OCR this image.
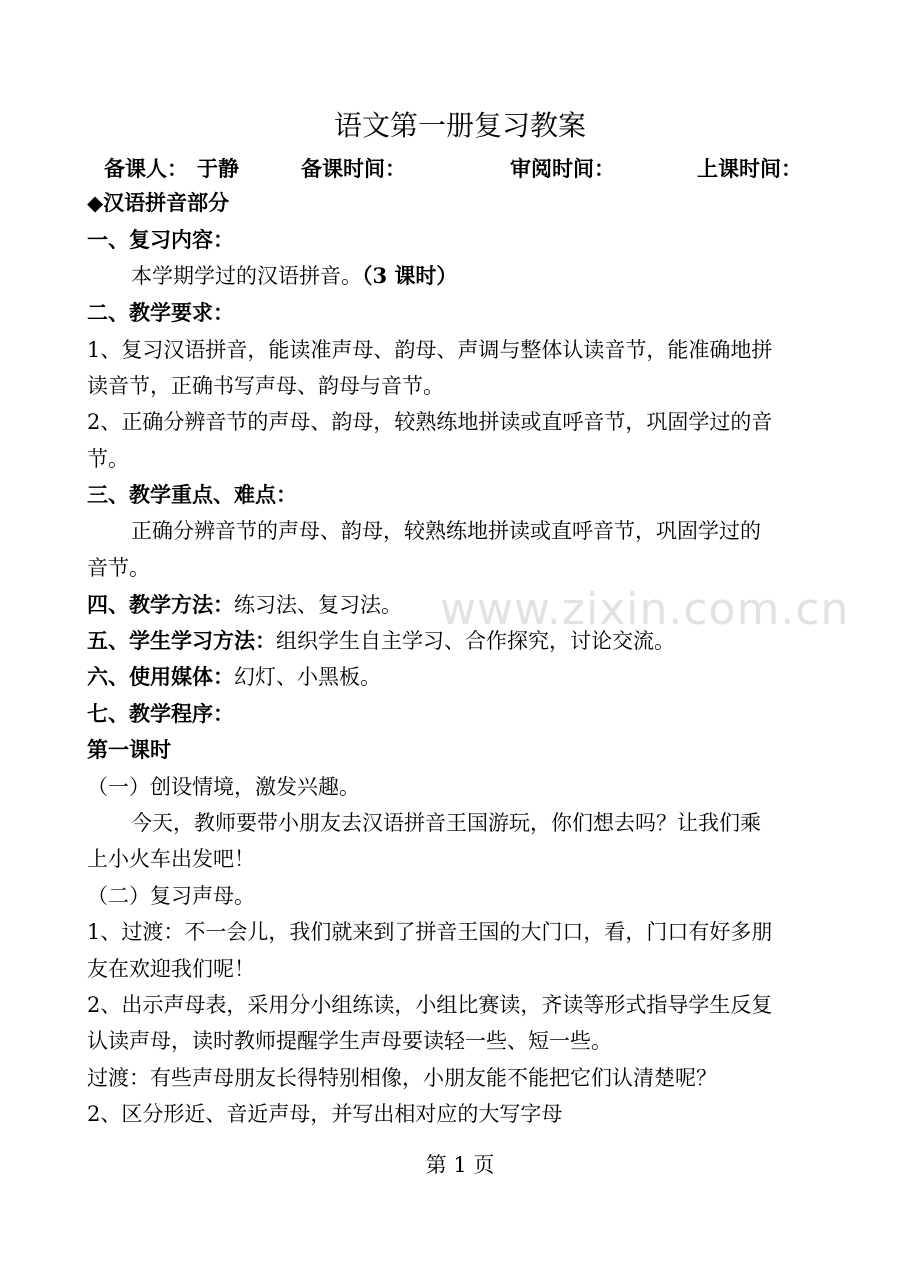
www.zixin.com.cn
语文第一册复习教案
备课人： 于静	备课时间：	审阅时间：	上课时间：
◆汉语拼音部分
一、复习内容：
本学期学过的汉语拼音。（3 课时）
二、教学要求：
1、复习汉语拼音，能读准声母、韵母、声调与整体认读音节，能准确地拼
读音节，正确书写声母、韵母与音节。
2、正确分辨音节的声母、韵母，较熟练地拼读或直呼音节，巩固学过的音
节。
三、教学重点、难点：
正确分辨音节的声母、韵母，较熟练地拼读或直呼音节，巩固学过的
音节。
四、教学方法：练习法、复习法。
五、学生学习方法：组织学生自主学习、合作探究，讨论交流。
六、使用媒体：幻灯、小黑板。
七、教学程序：
第一课时
（一）创设情境，激发兴趣。
今天，教师要带小朋友去汉语拼音王国游玩，你们想去吗？让我们乘
上小火车出发吧！
（二）复习声母。
1、过渡：不一会儿，我们就来到了拼音王国的大门口，看，门口有好多朋
友在欢迎我们呢！
2、出示声母表，采用分小组练读，小组比赛读，齐读等形式指导学生反复
认读声母，读时教师提醒学生声母要读轻一些、短一些。
过渡：有些声母朋友长得特别相像，小朋友能不能把它们认清楚呢？
2、区分形近、音近声母，并写出相对应的大写字母
第 1 页
